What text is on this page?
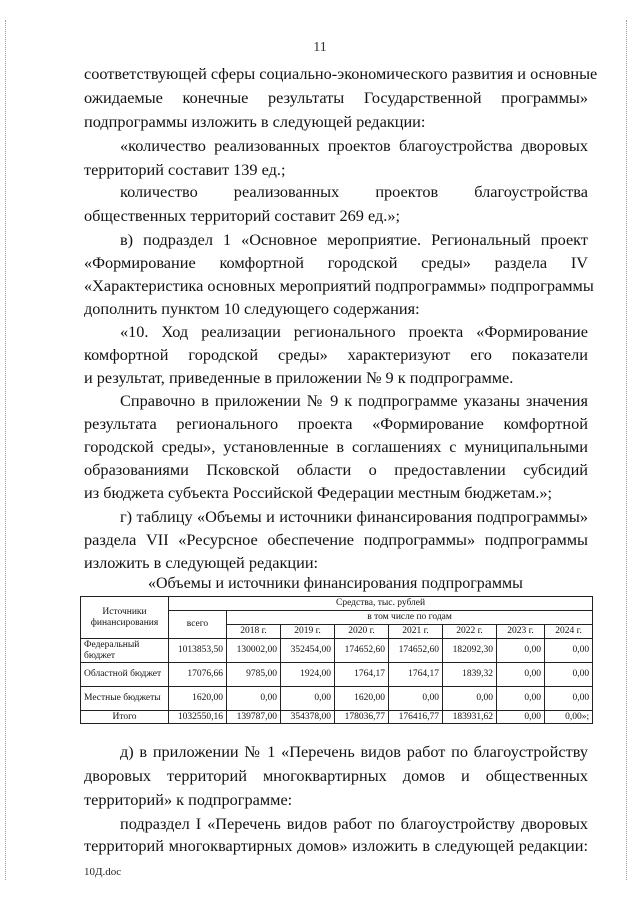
11
соответствующей сферы социально-экономического развития и основные
ожидаемые конечные результаты Государственной программы»
подпрограммы изложить в следующей редакции:
«количество реализованных проектов благоустройства дворовых
территорий составит 139 ед.;
количество реализованных проектов благоустройства
общественных территорий составит 269 ед.»;
в) подраздел 1 «Основное мероприятие. Региональный проект
«Формирование комфортной городской среды» раздела IV
«Характеристика основных мероприятий подпрограммы» подпрограммы
дополнить пунктом 10 следующего содержания:
«10. Ход реализации регионального проекта «Формирование
комфортной городской среды» характеризуют его показатели
и результат, приведенные в приложении № 9 к подпрограмме.
Справочно в приложении № 9 к подпрограмме указаны значения
результата регионального проекта «Формирование комфортной
городской среды», установленные в соглашениях с муниципальными
образованиями Псковской области о предоставлении субсидий
из бюджета субъекта Российской Федерации местным бюджетам.»;
г) таблицу «Объемы и источники финансирования подпрограммы»
раздела VII «Ресурсное обеспечение подпрограммы» подпрограммы
изложить в следующей редакции:
«Объемы и источники финансирования подпрограммы
Источники финансирования	Средства, тыс. рублей							
	всего	в том числе по годам						
		2018 г.	2019 г.	2020 г.	2021 г.	2022 г.	2023 г.	2024 г.
Федеральный бюджет	1013853,50	130002,00	352454,00	174652,60	174652,60	182092,30	0,00	0,00
Областной бюджет	17076,66	9785,00	1924,00	1764,17	1764,17	1839,32	0,00	0,00
Местные бюджеты	1620,00	0,00	0,00	1620,00	0,00	0,00	0,00	0,00
Итого	1032550,16	139787,00	354378,00	178036,77	176416,77	183931,62	0,00	0,00»;
д) в приложении № 1 «Перечень видов работ по благоустройству
дворовых территорий многоквартирных домов и общественных
территорий» к подпрограмме:
подраздел I «Перечень видов работ по благоустройству дворовых
территорий многоквартирных домов» изложить в следующей редакции:
10Д.doc
